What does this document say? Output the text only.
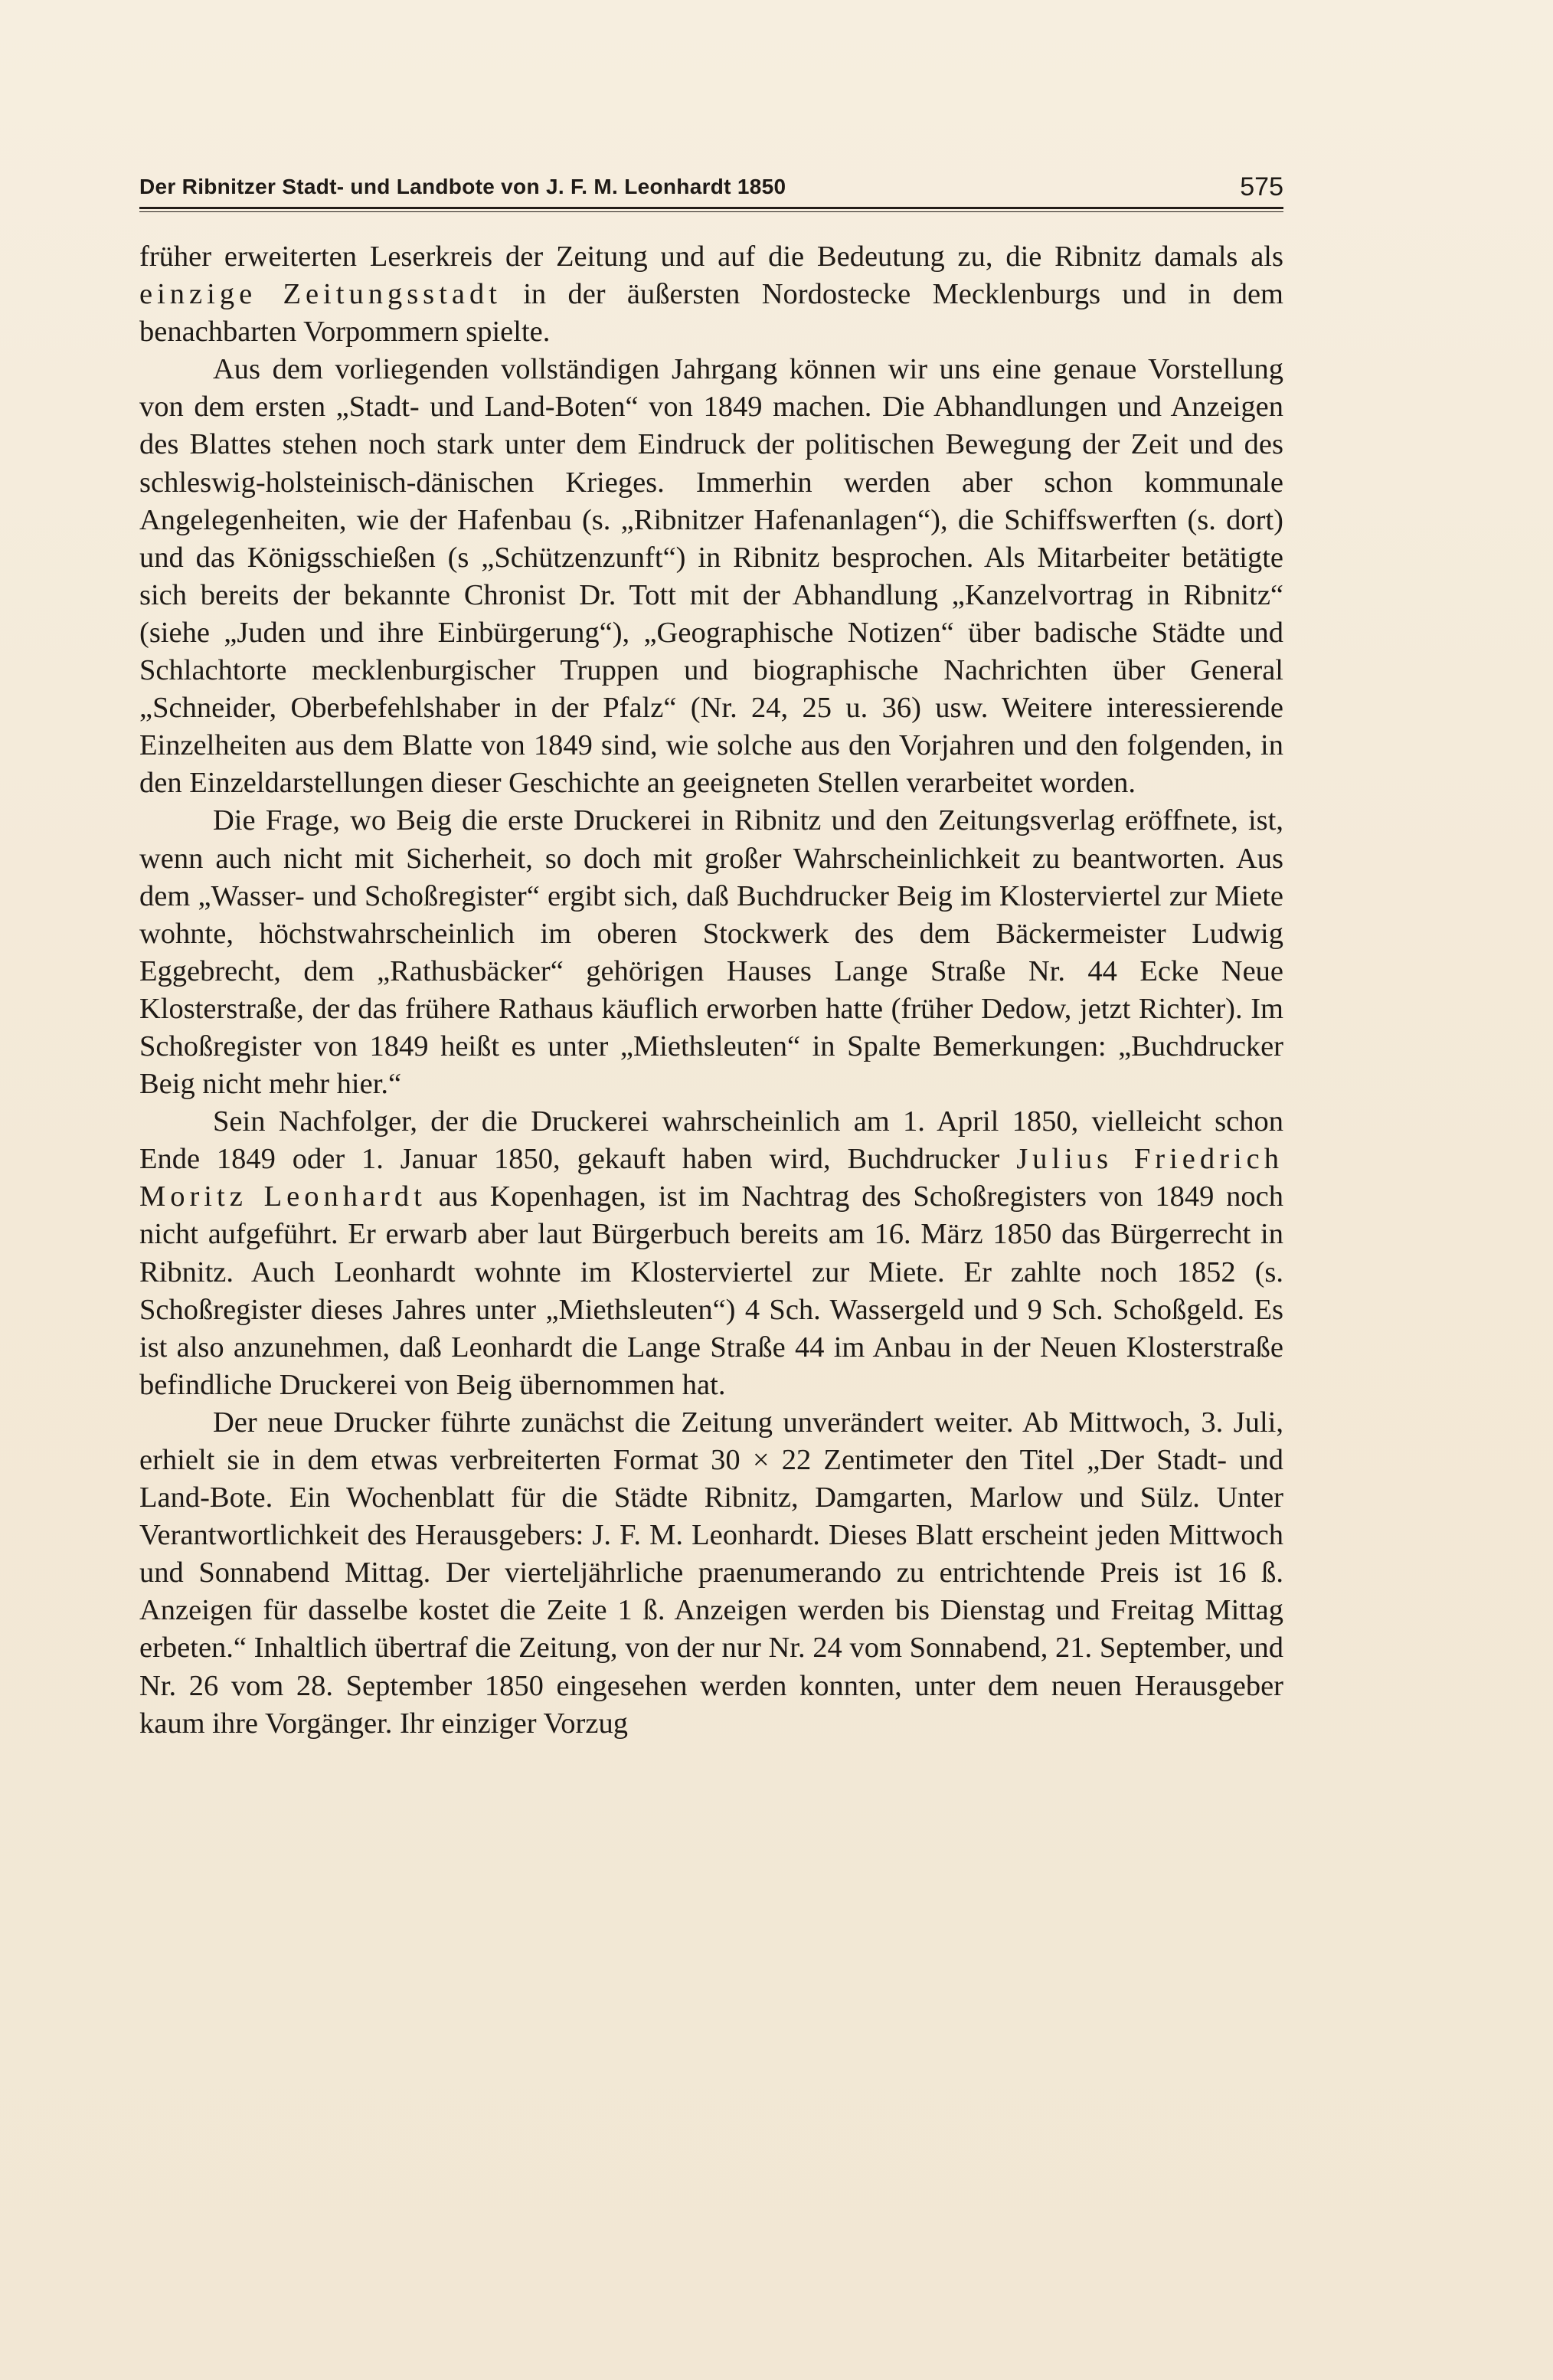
Der Ribnitzer Stadt- und Landbote von J. F. M. Leonhardt 1850	575

früher erweiterten Leserkreis der Zeitung und auf die Bedeutung zu, die Ribnitz damals als einzige Zeitungsstadt in der äußersten Nordostecke Mecklenburgs und in dem benachbarten Vorpommern spielte.

Aus dem vorliegenden vollständigen Jahrgang können wir uns eine genaue Vorstellung von dem ersten „Stadt- und Land-Boten“ von 1849 machen. Die Abhandlungen und Anzeigen des Blattes stehen noch stark unter dem Eindruck der politischen Bewegung der Zeit und des schleswig-holsteinisch-dänischen Krieges. Immerhin werden aber schon kommunale Angelegenheiten, wie der Hafenbau (s. „Ribnitzer Hafenanlagen“), die Schiffswerften (s. dort) und das Königsschießen (s „Schützenzunft“) in Ribnitz besprochen. Als Mitarbeiter betätigte sich bereits der bekannte Chronist Dr. Tott mit der Abhandlung „Kanzelvortrag in Ribnitz“ (siehe „Juden und ihre Einbürgerung“), „Geographische Notizen“ über badische Städte und Schlachtorte mecklenburgischer Truppen und biographische Nachrichten über General „Schneider, Oberbefehlshaber in der Pfalz“ (Nr. 24, 25 u. 36) usw. Weitere interessierende Einzelheiten aus dem Blatte von 1849 sind, wie solche aus den Vorjahren und den folgenden, in den Einzeldarstellungen dieser Geschichte an geeigneten Stellen verarbeitet worden.

Die Frage, wo Beig die erste Druckerei in Ribnitz und den Zeitungsverlag eröffnete, ist, wenn auch nicht mit Sicherheit, so doch mit großer Wahrscheinlichkeit zu beantworten. Aus dem „Wasser- und Schoßregister“ ergibt sich, daß Buchdrucker Beig im Klosterviertel zur Miete wohnte, höchstwahrscheinlich im oberen Stockwerk des dem Bäckermeister Ludwig Eggebrecht, dem „Rathusbäcker“ gehörigen Hauses Lange Straße Nr. 44 Ecke Neue Klosterstraße, der das frühere Rathaus käuflich erworben hatte (früher Dedow, jetzt Richter). Im Schoßregister von 1849 heißt es unter „Miethsleuten“ in Spalte Bemerkungen: „Buchdrucker Beig nicht mehr hier.“

Sein Nachfolger, der die Druckerei wahrscheinlich am 1. April 1850, vielleicht schon Ende 1849 oder 1. Januar 1850, gekauft haben wird, Buchdrucker Julius Friedrich Moritz Leonhardt aus Kopenhagen, ist im Nachtrag des Schoßregisters von 1849 noch nicht aufgeführt. Er erwarb aber laut Bürgerbuch bereits am 16. März 1850 das Bürgerrecht in Ribnitz. Auch Leonhardt wohnte im Klosterviertel zur Miete. Er zahlte noch 1852 (s. Schoßregister dieses Jahres unter „Miethsleuten“) 4 Sch. Wassergeld und 9 Sch. Schoßgeld. Es ist also anzunehmen, daß Leonhardt die Lange Straße 44 im Anbau in der Neuen Klosterstraße befindliche Druckerei von Beig übernommen hat.

Der neue Drucker führte zunächst die Zeitung unverändert weiter. Ab Mittwoch, 3. Juli, erhielt sie in dem etwas verbreiterten Format 30 × 22 Zentimeter den Titel „Der Stadt- und Land-Bote. Ein Wochenblatt für die Städte Ribnitz, Damgarten, Marlow und Sülz. Unter Verantwortlichkeit des Herausgebers: J. F. M. Leonhardt. Dieses Blatt erscheint jeden Mittwoch und Sonnabend Mittag. Der vierteljährliche praenumerando zu entrichtende Preis ist 16 ß. Anzeigen für dasselbe kostet die Zeite 1 ß. Anzeigen werden bis Dienstag und Freitag Mittag erbeten.“ Inhaltlich übertraf die Zeitung, von der nur Nr. 24 vom Sonnabend, 21. September, und Nr. 26 vom 28. September 1850 eingesehen werden konnten, unter dem neuen Herausgeber kaum ihre Vorgänger. Ihr einziger Vorzug
